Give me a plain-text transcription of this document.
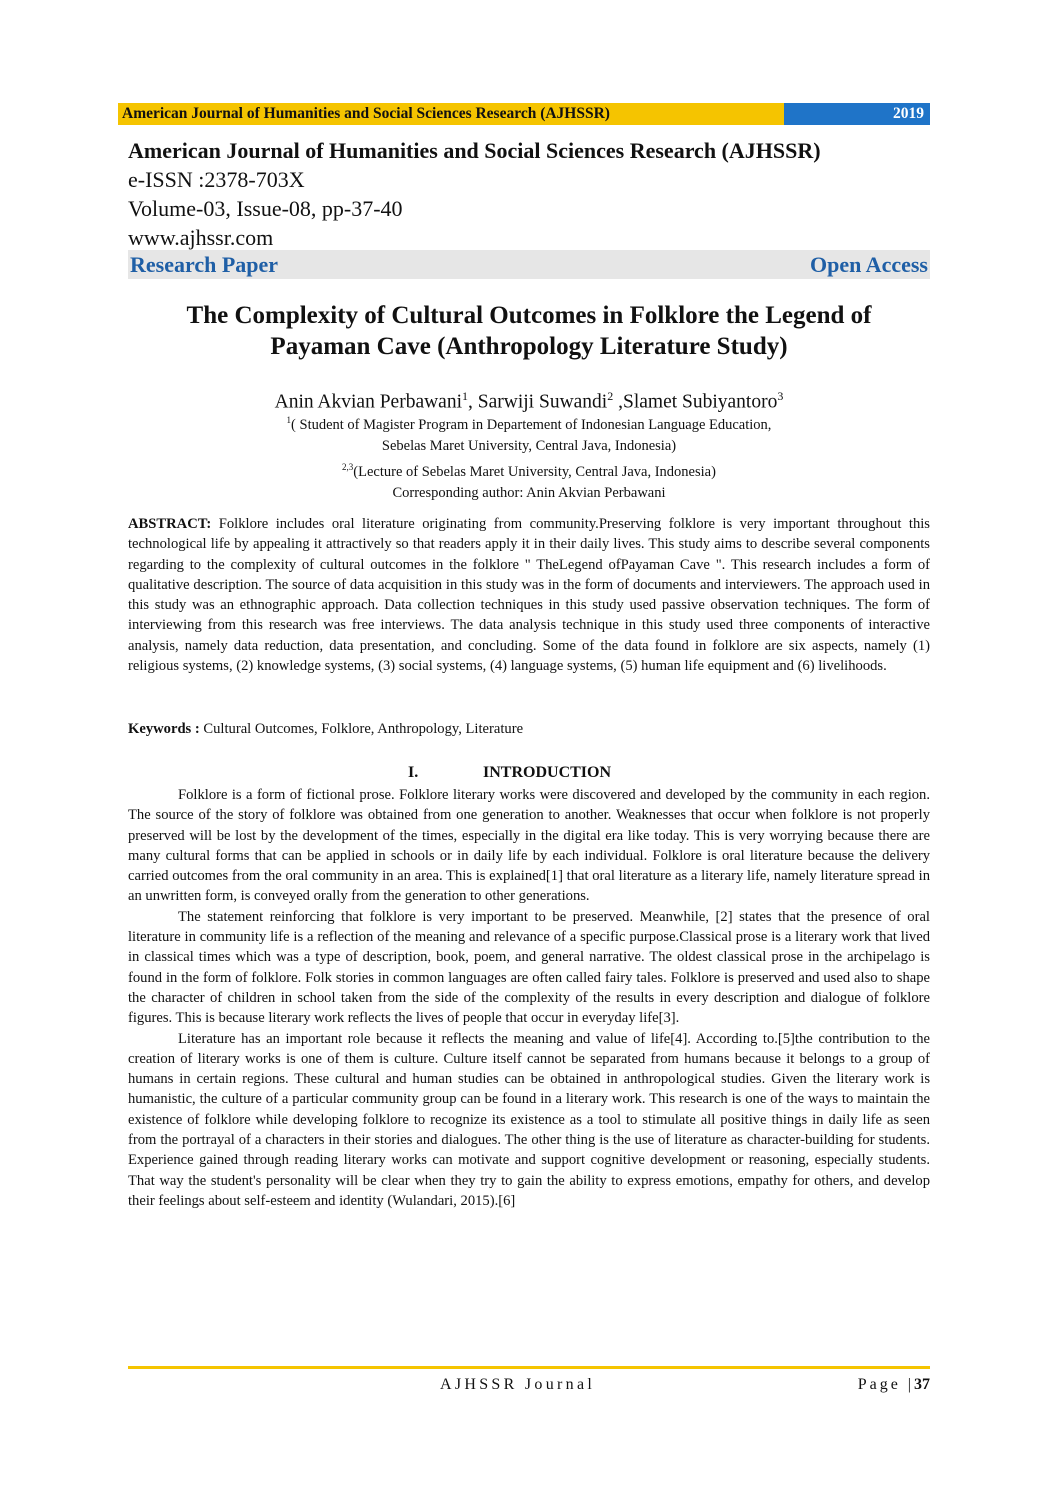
American Journal of Humanities and Social Sciences Research (AJHSSR)	2019
American Journal of Humanities and Social Sciences Research (AJHSSR)
e-ISSN :2378-703X
Volume-03, Issue-08, pp-37-40
www.ajhssr.com
Research Paper	Open Access
The Complexity of Cultural Outcomes in Folklore the Legend of
Payaman Cave (Anthropology Literature Study)
Anin Akvian Perbawani$^1$, Sarwiji Suwandi$^2$ ,Slamet Subiyantoro$^3$
$^1$( Student of Magister Program in Departement of Indonesian Language Education,
Sebelas Maret University, Central Java, Indonesia)
$^{2,3}$(Lecture of Sebelas Maret University, Central Java, Indonesia)
Corresponding author: Anin Akvian Perbawani
ABSTRACT: Folklore includes oral literature originating from community.Preserving folklore is very important throughout this technological life by appealing it attractively so that readers apply it in their daily lives. This study aims to describe several components regarding to the complexity of cultural outcomes in the folklore " TheLegend ofPayaman Cave ". This research includes a form of qualitative description. The source of data acquisition in this study was in the form of documents and interviewers. The approach used in this study was an ethnographic approach. Data collection techniques in this study used passive observation techniques. The form of interviewing from this research was free interviews. The data analysis technique in this study used three components of interactive analysis, namely data reduction, data presentation, and concluding. Some of the data found in folklore are six aspects, namely (1) religious systems, (2) knowledge systems, (3) social systems, (4) language systems, (5) human life equipment and (6) livelihoods.
Keywords : Cultural Outcomes, Folklore, Anthropology, Literature
I.	INTRODUCTION

Folklore is a form of fictional prose. Folklore literary works were discovered and developed by the community in each region. The source of the story of folklore was obtained from one generation to another. Weaknesses that occur when folklore is not properly preserved will be lost by the development of the times, especially in the digital era like today. This is very worrying because there are many cultural forms that can be applied in schools or in daily life by each individual. Folklore is oral literature because the delivery carried outcomes from the oral community in an area. This is explained[1] that oral literature as a literary life, namely literature spread in an unwritten form, is conveyed orally from the generation to other generations.

The statement reinforcing that folklore is very important to be preserved. Meanwhile, [2] states that the presence of oral literature in community life is a reflection of the meaning and relevance of a specific purpose.Classical prose is a literary work that lived in classical times which was a type of description, book, poem, and general narrative. The oldest classical prose in the archipelago is found in the form of folklore. Folk stories in common languages are often called fairy tales. Folklore is preserved and used also to shape the character of children in school taken from the side of the complexity of the results in every description and dialogue of folklore figures. This is because literary work reflects the lives of people that occur in everyday life[3].

Literature has an important role because it reflects the meaning and value of life[4]. According to.[5]the contribution to the creation of literary works is one of them is culture. Culture itself cannot be separated from humans because it belongs to a group of humans in certain regions. These cultural and human studies can be obtained in anthropological studies. Given the literary work is humanistic, the culture of a particular community group can be found in a literary work. This research is one of the ways to maintain the existence of folklore while developing folklore to recognize its existence as a tool to stimulate all positive things in daily life as seen from the portrayal of a characters in their stories and dialogues. The other thing is the use of literature as character-building for students. Experience gained through reading literary works can motivate and support cognitive development or reasoning, especially students. That way the student's personality will be clear when they try to gain the ability to express emotions, empathy for others, and develop their feelings about self-esteem and identity (Wulandari, 2015).[6]

AJHSSR Journal	Page |37
